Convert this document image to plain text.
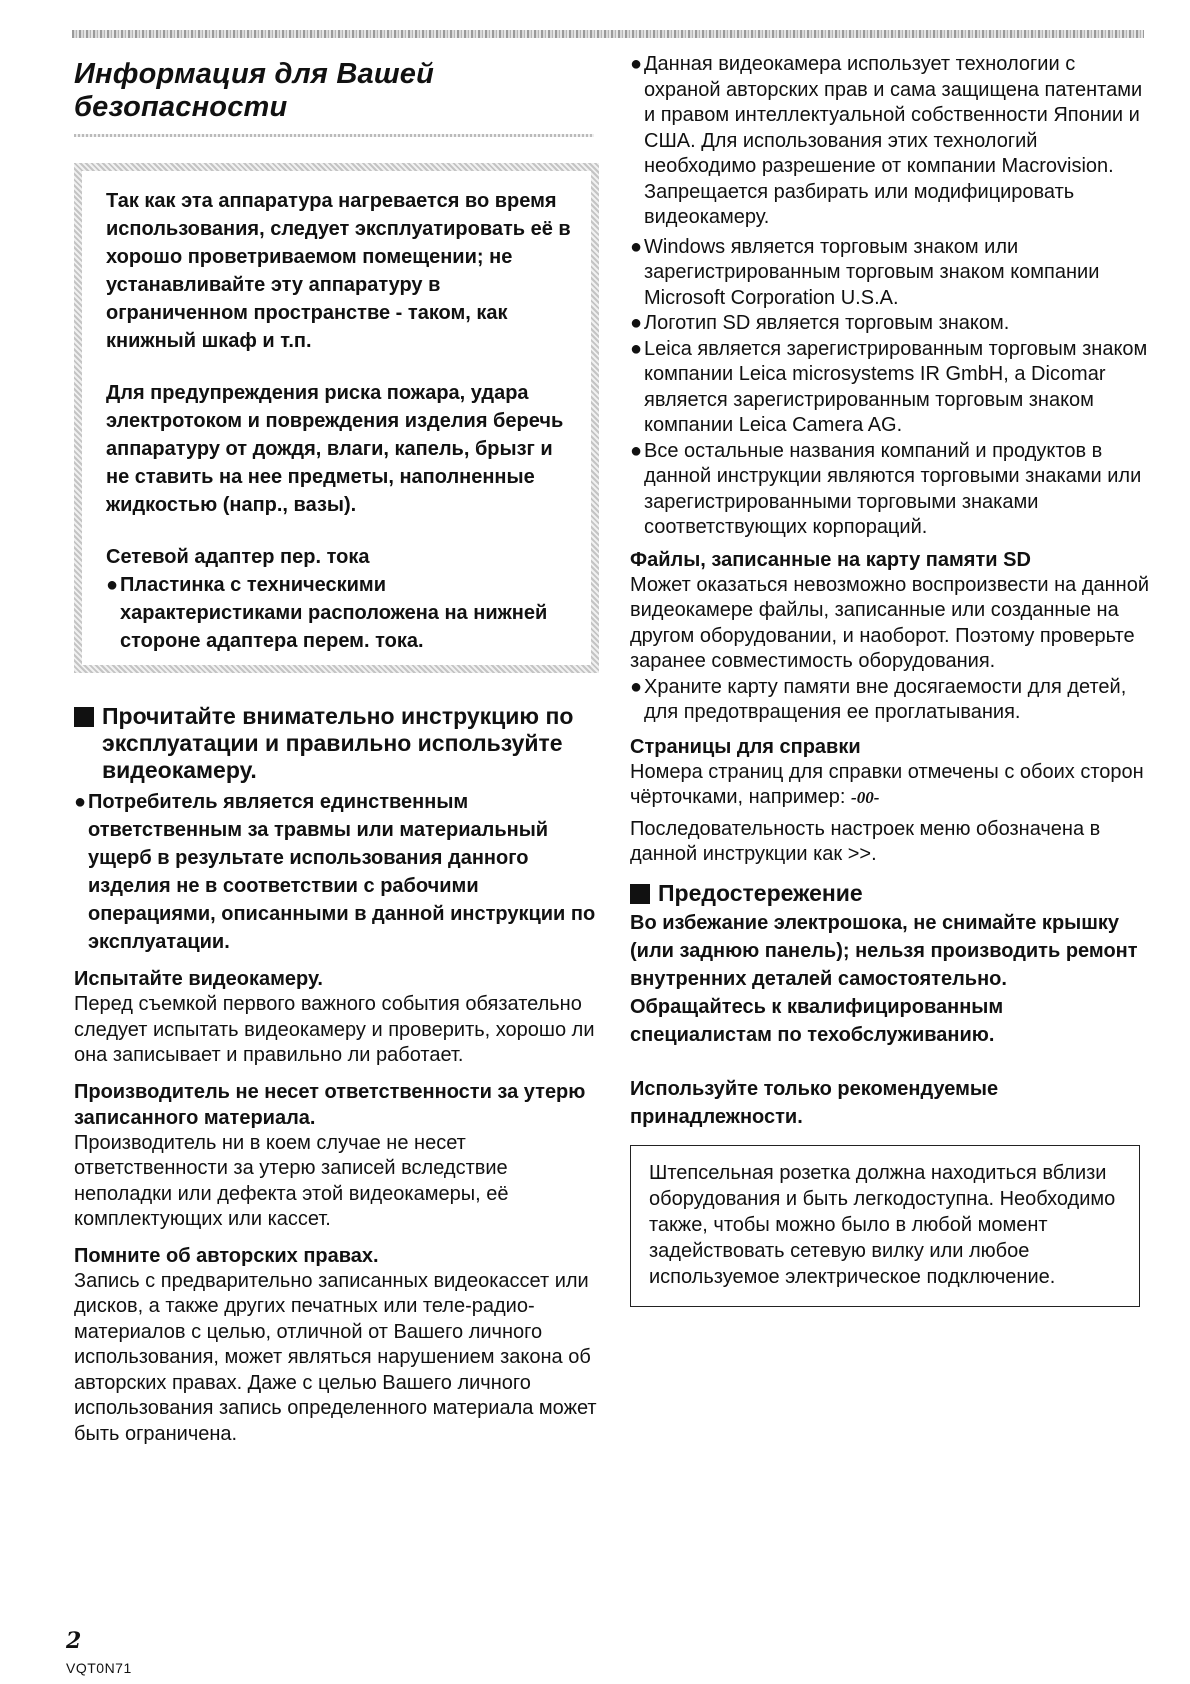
Информация для Вашей безопасности

Так как эта аппаратура нагревается во время использования, следует эксплуатировать её в хорошо проветриваемом помещении; не устанавливайте эту аппаратуру в ограниченном пространстве - таком, как книжный шкаф и т.п.

Для предупреждения риска пожара, удара электротоком и повреждения изделия беречь аппаратуру от дождя, влаги, капель, брызг и не ставить на нее предметы, наполненные жидкостью (напр., вазы).

Сетевой адаптер пер. тока

● Пластинка с техническими характеристиками расположена на нижней стороне адаптера перем. тока.

Прочитайте внимательно инструкцию по эксплуатации и правильно используйте видеокамеру.
● Потребитель является единственным ответственным за травмы или материальный ущерб в результате использования данного изделия не в соответствии с рабочими операциями, описанными в данной инструкции по эксплуатации.
Испытайте видеокамеру.

Перед съемкой первого важного события обязательно следует испытать видеокамеру и проверить, хорошо ли она записывает и правильно ли работает.

Производитель не несет ответственности за утерю записанного материала.

Производитель ни в коем случае не несет ответственности за утерю записей вследствие неполадки или дефекта этой видеокамеры, её комплектующих или кассет.

Помните об авторских правах.

Запись с предварительно записанных видеокассет или дисков, а также других печатных или теле-радио-материалов с целью, отличной от Вашего личного использования, может являться нарушением закона об авторских правах. Даже с целью Вашего личного использования запись определенного материала может быть ограничена.

● Данная видеокамера использует технологии с охраной авторских прав и сама защищена патентами и правом интеллектуальной собственности Японии и США. Для использования этих технологий необходимо разрешение от компании Macrovision. Запрещается разбирать или модифицировать видеокамеру.
● Windows является торговым знаком или зарегистрированным торговым знаком компании Microsoft Corporation U.S.A.
● Логотип SD является торговым знаком.
● Leica является зарегистрированным торговым знаком компании Leica microsystems IR GmbH, a Dicomar является зарегистрированным торговым знаком компании Leica Camera AG.
● Все остальные названия компаний и продуктов в данной инструкции являются торговыми знаками или зарегистрированными торговыми знаками соответствующих корпораций.
Файлы, записанные на карту памяти SD

Может оказаться невозможно воспроизвести на данной видеокамере файлы, записанные или созданные на другом оборудовании, и наоборот. Поэтому проверьте заранее совместимость оборудования.

● Храните карту памяти вне досягаемости для детей, для предотвращения ее проглатывания.
Страницы для справки

Номера страниц для справки отмечены с обоих сторон чёрточками, например: -00-

Последовательность настроек меню обозначена в данной инструкции как >>.

Предостережение

Во избежание электрошока, не снимайте крышку (или заднюю панель); нельзя производить ремонт внутренних деталей самостоятельно.

Обращайтесь к квалифицированным специалистам по техобслуживанию.

Используйте только рекомендуемые принадлежности.

Штепсельная розетка должна находиться вблизи оборудования и быть легкодоступна. Необходимо также, чтобы можно было в любой момент задействовать сетевую вилку или любое используемое электрическое подключение.

2
VQT0N71
